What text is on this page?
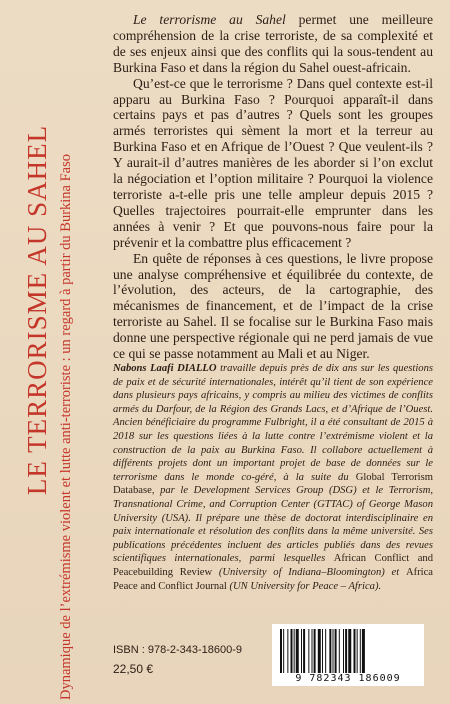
LE TERRORISME AU SAHEL Dynamique de l’extrémisme violent et lutte anti-terroriste : un regard à partir du Burkina Faso

Le terrorisme au Sahel permet une meilleure compréhension de la crise terroriste, de sa complexité et de ses enjeux ainsi que des conflits qui la sous-tendent au Burkina Faso et dans la région du Sahel ouest-africain.

Qu’est-ce que le terrorisme ? Dans quel contexte est-il apparu au Burkina Faso ? Pourquoi apparaît-il dans certains pays et pas d’autres ? Quels sont les groupes armés terroristes qui sèment la mort et la terreur au Burkina Faso et en Afrique de l’Ouest ? Que veulent-ils ? Y aurait-il d’autres manières de les aborder si l’on exclut la négociation et l’option militaire ? Pourquoi la violence terroriste a-t-elle pris une telle ampleur depuis 2015 ? Quelles trajectoires pourrait-elle emprunter dans les années à venir ? Et que pouvons-nous faire pour la prévenir et la combattre plus efficacement ?

En quête de réponses à ces questions, le livre propose une analyse compréhensive et équilibrée du contexte, de l’évolution, des acteurs, de la cartographie, des mécanismes de financement, et de l’impact de la crise terroriste au Sahel. Il se focalise sur le Burkina Faso mais donne une perspective régionale qui ne perd jamais de vue ce qui se passe notamment au Mali et au Niger.

Nabons Laafi DIALLO travaille depuis près de dix ans sur les questions de paix et de sécurité internationales, intérêt qu’il tient de son expérience dans plusieurs pays africains, y compris au milieu des victimes de conflits armés du Darfour, de la Région des Grands Lacs, et d’Afrique de l’Ouest. Ancien bénéficiaire du programme Fulbright, il a été consultant de 2015 à 2018 sur les questions liées à la lutte contre l’extrémisme violent et la construction de la paix au Burkina Faso. Il collabore actuellement à différents projets dont un important projet de base de données sur le terrorisme dans le monde co-géré, à la suite du Global Terrorism Database, par le Development Services Group (DSG) et le Terrorism, Transnational Crime, and Corruption Center (GTTAC) of George Mason University (USA). Il prépare une thèse de doctorat interdisciplinaire en paix internationale et résolution des conflits dans la même université. Ses publications précédentes incluent des articles publiés dans des revues scientifiques internationales, parmi lesquelles African Conflict and Peacebuilding Review (University of Indiana–Bloomington) et Africa Peace and Conflict Journal (UN University for Peace – Africa).
ISBN : 978-2-343-18600-9
22,50 €
9 782343 186009
